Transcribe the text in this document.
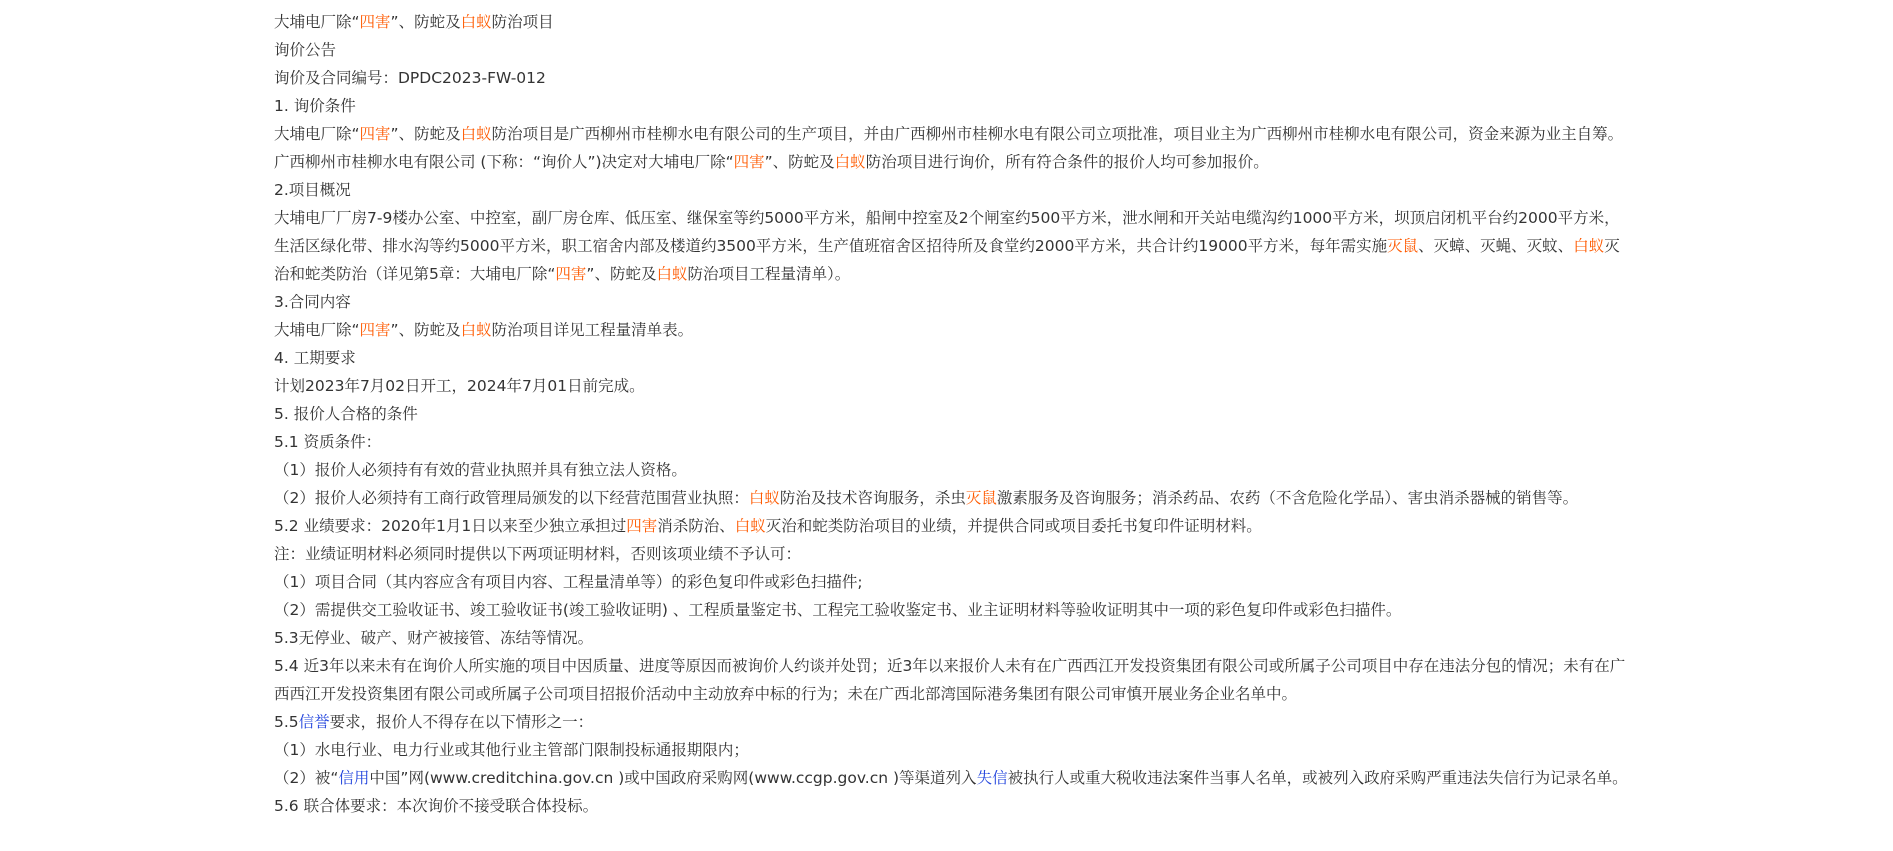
大埔电厂除“四害”、防蛇及白蚁防治项目
询价公告
询价及合同编号：DPDC2023-FW-012
1. 询价条件
大埔电厂除“四害”、防蛇及白蚁防治项目是广西柳州市桂柳水电有限公司的生产项目，并由广西柳州市桂柳水电有限公司立项批准，项目业主为广西柳州市桂柳水电有限公司，资金来源为业主自筹。广西柳州市桂柳水电有限公司 (下称：“询价人”)决定对大埔电厂除“四害”、防蛇及白蚁防治项目进行询价，所有符合条件的报价人均可参加报价。
2.项目概况
大埔电厂厂房7-9楼办公室、中控室，副厂房仓库、低压室、继保室等约5000平方米，船闸中控室及2个闸室约500平方米，泄水闸和开关站电缆沟约1000平方米，坝顶启闭机平台约2000平方米，生活区绿化带、排水沟等约5000平方米，职工宿舍内部及楼道约3500平方米，生产值班宿舍区招待所及食堂约2000平方米，共合计约19000平方米，每年需实施灭鼠、灭蟑、灭蝇、灭蚊、白蚁灭治和蛇类防治（详见第5章：大埔电厂除“四害”、防蛇及白蚁防治项目工程量清单）。
3.合同内容
大埔电厂除“四害”、防蛇及白蚁防治项目详见工程量清单表。
4. 工期要求
计划2023年7月02日开工，2024年7月01日前完成。
5. 报价人合格的条件
5.1 资质条件：
（1）报价人必须持有有效的营业执照并具有独立法人资格。
（2）报价人必须持有工商行政管理局颁发的以下经营范围营业执照：白蚁防治及技术咨询服务，杀虫灭鼠激素服务及咨询服务；消杀药品、农药（不含危险化学品）、害虫消杀器械的销售等。
5.2 业绩要求：2020年1月1日以来至少独立承担过四害消杀防治、白蚁灭治和蛇类防治项目的业绩，并提供合同或项目委托书复印件证明材料。
注：业绩证明材料必须同时提供以下两项证明材料，否则该项业绩不予认可：
（1）项目合同（其内容应含有项目内容、工程量清单等）的彩色复印件或彩色扫描件;
（2）需提供交工验收证书、竣工验收证书(竣工验收证明) 、工程质量鉴定书、工程完工验收鉴定书、业主证明材料等验收证明其中一项的彩色复印件或彩色扫描件。
5.3无停业、破产、财产被接管、冻结等情况。
5.4 近3年以来未有在询价人所实施的项目中因质量、进度等原因而被询价人约谈并处罚；近3年以来报价人未有在广西西江开发投资集团有限公司或所属子公司项目中存在违法分包的情况；未有在广西西江开发投资集团有限公司或所属子公司项目招报价活动中主动放弃中标的行为；未在广西北部湾国际港务集团有限公司审慎开展业务企业名单中。
5.5信誉要求，报价人不得存在以下情形之一：
（1）水电行业、电力行业或其他行业主管部门限制投标通报期限内；
（2）被“信用中国”网(www.creditchina.gov.cn )或中国政府采购网(www.ccgp.gov.cn )等渠道列入失信被执行人或重大税收违法案件当事人名单，或被列入政府采购严重违法失信行为记录名单。
5.6 联合体要求：本次询价不接受联合体投标。
